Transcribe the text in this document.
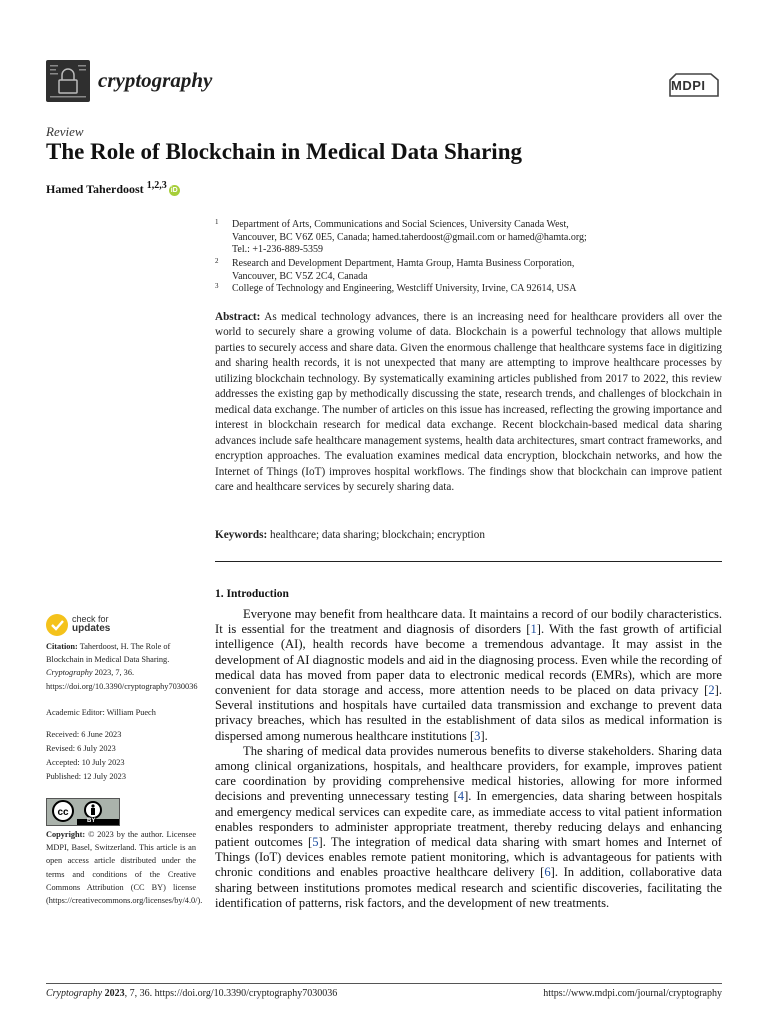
cryptography	MDPI
Review
The Role of Blockchain in Medical Data Sharing
Hamed Taherdoost $^{1,2,3}$ iD
1	Department of Arts, Communications and Social Sciences, University Canada West,
Vancouver, BC V6Z 0E5, Canada; hamed.taherdoost@gmail.com or hamed@hamta.org;
Tel.: +1-236-889-5359
2	Research and Development Department, Hamta Group, Hamta Business Corporation,
Vancouver, BC V5Z 2C4, Canada
3	College of Technology and Engineering, Westcliff University, Irvine, CA 92614, USA
Abstract: As medical technology advances, there is an increasing need for healthcare providers all over the world to securely share a growing volume of data. Blockchain is a powerful technology that allows multiple parties to securely access and share data. Given the enormous challenge that healthcare systems face in digitizing and sharing health records, it is not unexpected that many are attempting to improve healthcare processes by utilizing blockchain technology. By systematically examining articles published from 2017 to 2022, this review addresses the existing gap by methodically discussing the state, research trends, and challenges of blockchain in medical data exchange. The number of articles on this issue has increased, reflecting the growing importance and interest in blockchain research for medical data exchange. Recent blockchain-based medical data sharing advances include safe healthcare management systems, health data architectures, smart contract frameworks, and encryption approaches. The evaluation examines medical data encryption, blockchain networks, and how the Internet of Things (IoT) improves hospital workflows. The findings show that blockchain can improve patient care and healthcare services by securely sharing data.
Keywords: healthcare; data sharing; blockchain; encryption
1. Introduction

Everyone may benefit from healthcare data. It maintains a record of our bodily characteristics. It is essential for the treatment and diagnosis of disorders [1]. With the fast growth of artificial intelligence (AI), health records have become a tremendous advantage. It may assist in the development of AI diagnostic models and aid in the diagnosing process. Even while the recording of medical data has moved from paper data to electronic medical records (EMRs), which are more convenient for data storage and access, more attention needs to be placed on data privacy [2]. Several institutions and hospitals have curtailed data transmission and exchange to prevent data privacy breaches, which has resulted in the establishment of data silos as medical information is dispersed among numerous healthcare institutions [3].

The sharing of medical data provides numerous benefits to diverse stakeholders. Sharing data among clinical organizations, hospitals, and healthcare providers, for example, improves patient care coordination by providing comprehensive medical histories, allowing for more informed decisions and preventing unnecessary testing [4]. In emergencies, data sharing between hospitals and emergency medical services can expedite care, as immediate access to vital patient information enables responders to administer appropriate treatment, thereby reducing delays and enhancing patient outcomes [5]. The integration of medical data sharing with smart homes and Internet of Things (IoT) devices enables remote patient monitoring, which is advantageous for patients with chronic conditions and enables proactive healthcare delivery [6]. In addition, collaborative data sharing between institutions promotes medical research and scientific discoveries, facilitating the identification of patterns, risk factors, and the development of new treatments.

check for
updates
Citation: Taherdoost, H. The Role of Blockchain in Medical Data Sharing. Cryptography 2023, 7, 36. https://doi.org/10.3390/cryptography7030036
Academic Editor: William Puech
Received: 6 June 2023
Revised: 6 July 2023
Accepted: 10 July 2023
Published: 12 July 2023
cc
BY
Copyright: © 2023 by the author. Licensee MDPI, Basel, Switzerland. This article is an open access article distributed under the terms and conditions of the Creative Commons Attribution (CC BY) license (https://creativecommons.org/licenses/by/4.0/).
Cryptography 2023, 7, 36. https://doi.org/10.3390/cryptography7030036	https://www.mdpi.com/journal/cryptography
